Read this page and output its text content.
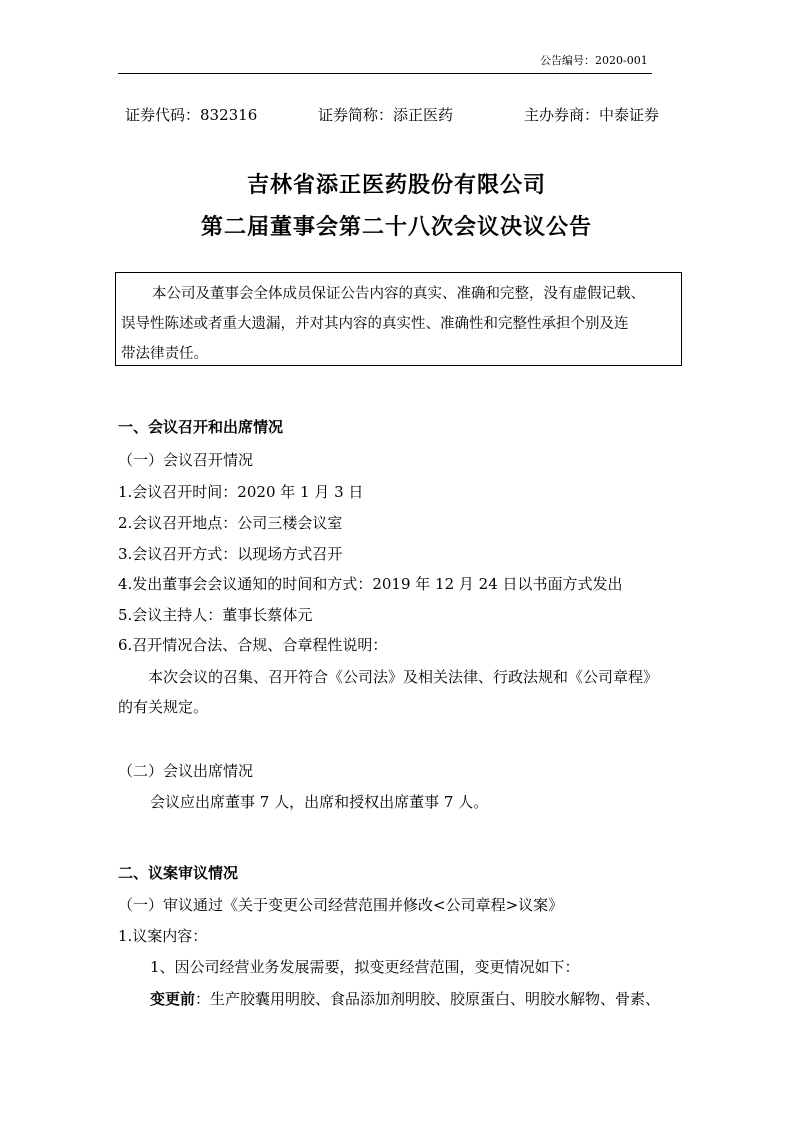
公告编号：2020-001
证券代码：832316	证券简称：添正医药	主办券商：中泰证券
吉林省添正医药股份有限公司
第二届董事会第二十八次会议决议公告
本公司及董事会全体成员保证公告内容的真实、准确和完整，没有虚假记载、
误导性陈述或者重大遗漏，并对其内容的真实性、准确性和完整性承担个别及连
带法律责任。
一、会议召开和出席情况
（一）会议召开情况
1.会议召开时间：2020 年 1 月 3 日
2.会议召开地点：公司三楼会议室
3.会议召开方式：以现场方式召开
4.发出董事会会议通知的时间和方式：2019 年 12 月 24 日以书面方式发出
5.会议主持人：董事长蔡体元
6.召开情况合法、合规、合章程性说明：
本次会议的召集、召开符合《公司法》及相关法律、行政法规和《公司章程》
的有关规定。
（二）会议出席情况
会议应出席董事 7 人，出席和授权出席董事 7 人。
二、议案审议情况
（一）审议通过《关于变更公司经营范围并修改<公司章程>议案》
1.议案内容：
1、因公司经营业务发展需要，拟变更经营范围，变更情况如下：
变更前：生产胶囊用明胶、食品添加剂明胶、胶原蛋白、明胶水解物、骨素、
